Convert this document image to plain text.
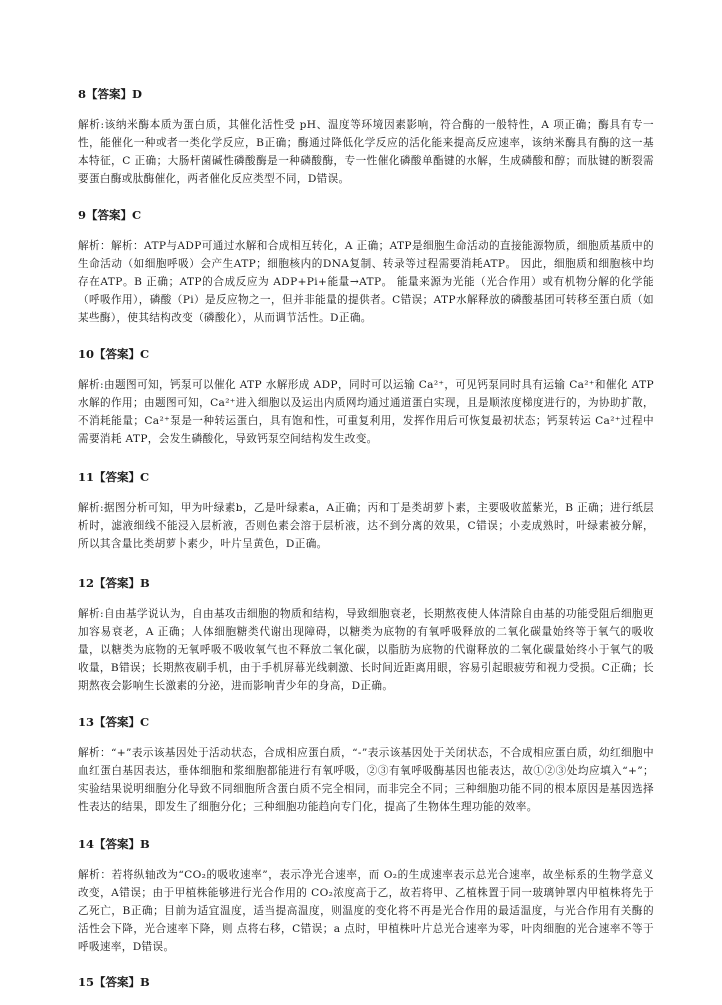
8【答案】D

解析:该纳米酶本质为蛋白质，其催化活性受 pH、温度等环境因素影响，符合酶的一般特性，A 项正确；酶具有专一性，能催化一种或者一类化学反应，B正确；酶通过降低化学反应的活化能来提高反应速率，该纳米酶具有酶的这一基本特征，C 正确；大肠杆菌碱性磷酸酶是一种磷酸酶，专一性催化磷酸单酯键的水解，生成磷酸和醇；而肽键的断裂需要蛋白酶或肽酶催化，两者催化反应类型不同，D错误。

9【答案】C

解析：解析：ATP与ADP可通过水解和合成相互转化，A 正确；ATP是细胞生命活动的直接能源物质，细胞质基质中的生命活动（如细胞呼吸）会产生ATP；细胞核内的DNA复制、转录等过程需要消耗ATP。 因此，细胞质和细胞核中均存在ATP。B 正确；ATP的合成反应为 ADP+Pi+能量→ATP。 能量来源为光能（光合作用）或有机物分解的化学能（呼吸作用），磷酸（Pi）是反应物之一，但并非能量的提供者。C错误；ATP水解释放的磷酸基团可转移至蛋白质（如某些酶），使其结构改变（磷酸化），从而调节活性。D正确。

10【答案】C

解析:由题图可知，钙泵可以催化 ATP 水解形成 ADP，同时可以运输 Ca²⁺，可见钙泵同时具有运输 Ca²⁺和催化 ATP 水解的作用；由题图可知，Ca²⁺进入细胞以及运出内质网均通过通道蛋白实现，且是顺浓度梯度进行的，为协助扩散，不消耗能量；Ca²⁺泵是一种转运蛋白，具有饱和性，可重复利用，发挥作用后可恢复最初状态；钙泵转运 Ca²⁺过程中需要消耗 ATP，会发生磷酸化，导致钙泵空间结构发生改变。

11【答案】C

解析:据图分析可知，甲为叶绿素b，乙是叶绿素a，A正确；丙和丁是类胡萝卜素，主要吸收蓝紫光，B 正确；进行纸层析时，滤液细线不能浸入层析液，否则色素会溶于层析液，达不到分离的效果，C错误；小麦成熟时，叶绿素被分解，所以其含量比类胡萝卜素少，叶片呈黄色，D正确。

12【答案】B

解析:自由基学说认为，自由基攻击细胞的物质和结构，导致细胞衰老，长期熬夜使人体清除自由基的功能受阻后细胞更加容易衰老，A 正确；人体细胞糖类代谢出现障碍，以糖类为底物的有氧呼吸释放的二氧化碳量始终等于氧气的吸收量，以糖类为底物的无氧呼吸不吸收氧气也不释放二氧化碳，以脂肪为底物的代谢释放的二氧化碳量始终小于氧气的吸收量，B错误；长期熬夜刷手机，由于手机屏幕光线刺激、长时间近距离用眼，容易引起眼疲劳和视力受损。C正确；长期熬夜会影响生长激素的分泌，进而影响青少年的身高，D正确。

13【答案】C

解析：“+”表示该基因处于活动状态，合成相应蛋白质，“-”表示该基因处于关闭状态，不合成相应蛋白质，幼红细胞中血红蛋白基因表达，垂体细胞和浆细胞都能进行有氧呼吸，②③有氧呼吸酶基因也能表达，故①②③处均应填入“+”；实验结果说明细胞分化导致不同细胞所含蛋白质不完全相同，而非完全不同；三种细胞功能不同的根本原因是基因选择性表达的结果，即发生了细胞分化；三种细胞功能趋向专门化，提高了生物体生理功能的效率。

14【答案】B

解析：若将纵轴改为“CO₂的吸收速率”，表示净光合速率，而 O₂的生成速率表示总光合速率，故坐标系的生物学意义改变，A错误；由于甲植株能够进行光合作用的 CO₂浓度高于乙，故若将甲、乙植株置于同一玻璃钟罩内甲植株将先于乙死亡，B正确；目前为适宜温度，适当提高温度，则温度的变化将不再是光合作用的最适温度，与光合作用有关酶的活性会下降，光合速率下降，则 点将右移，C错误；a 点时，甲植株叶片总光合速率为零，叶肉细胞的光合速率不等于呼吸速率，D错误。

15【答案】B
